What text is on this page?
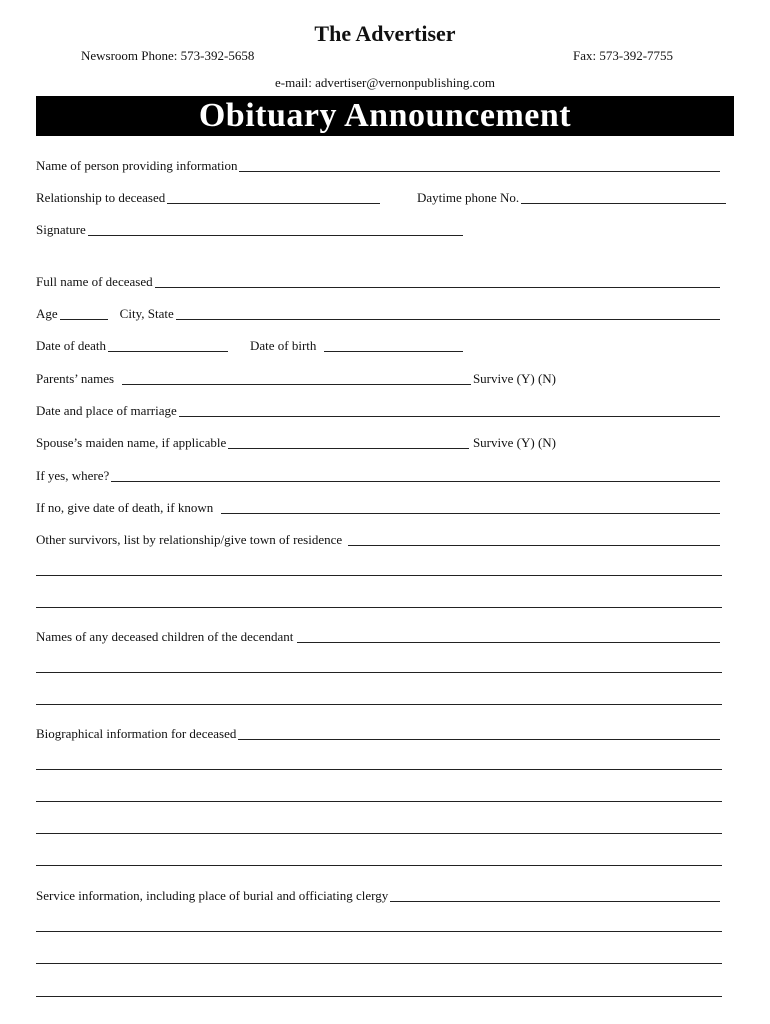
The Advertiser
Newsroom Phone: 573-392-5658	Fax: 573-392-7755
e-mail: advertiser@vernonpublishing.com
Obituary Announcement
Name of person providing information
Relationship to deceased	Daytime phone No.
Signature
Full name of deceased
Age	City, State
Date of death	Date of birth
Parents’ names	Survive (Y) (N)
Date and place of marriage
Spouse’s maiden name, if applicable	Survive (Y) (N)
If yes, where?
If no, give date of death, if known
Other survivors, list by relationship/give town of residence
Names of any deceased children of the decendant
Biographical information for deceased
Service information, including place of burial and officiating clergy
